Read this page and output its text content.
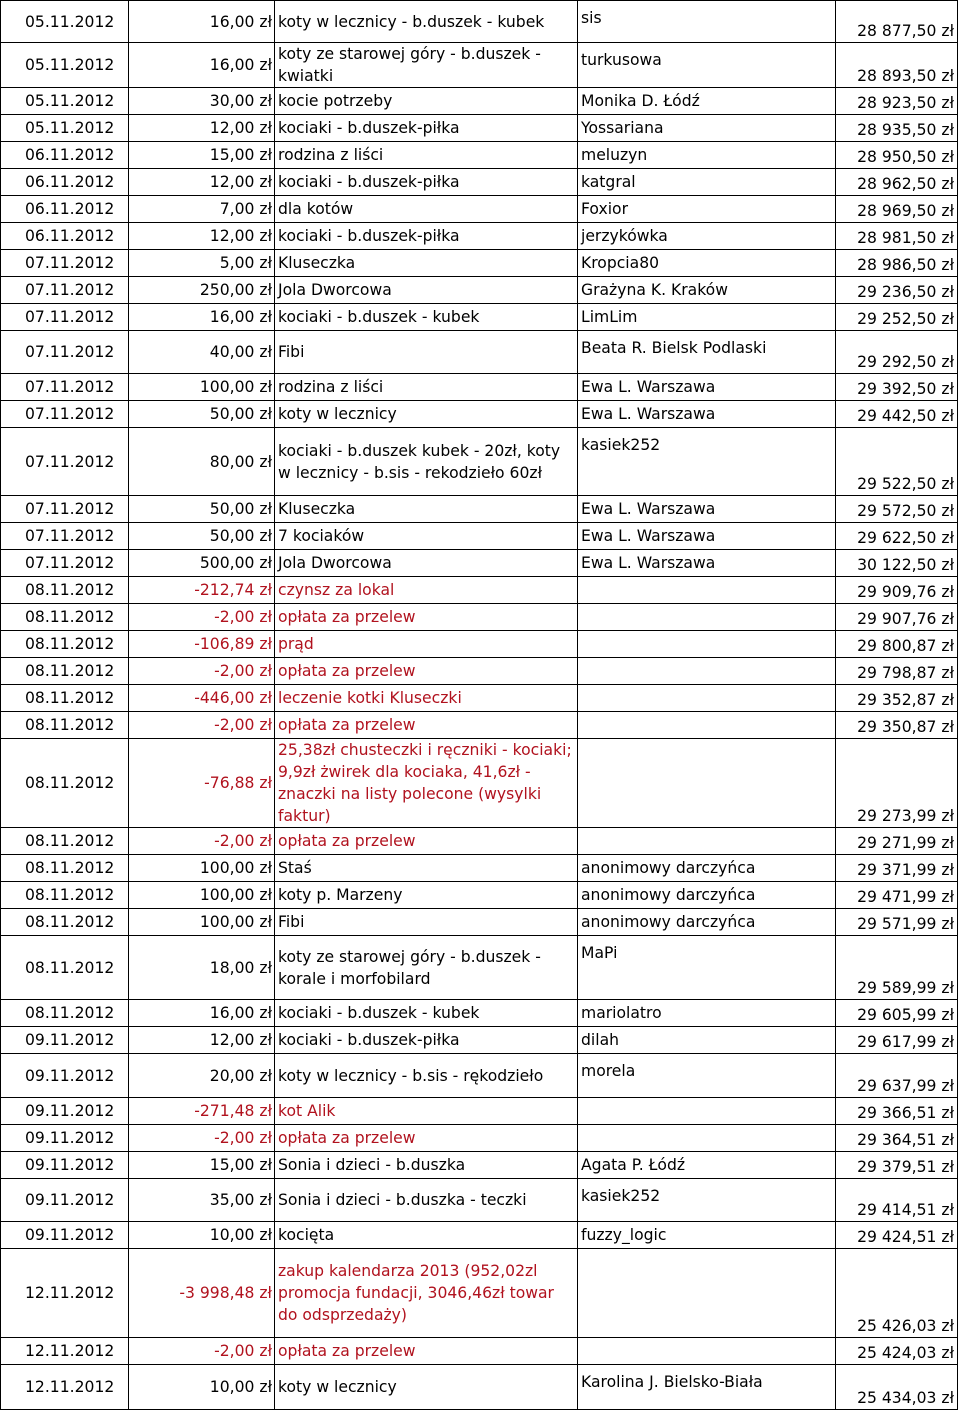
05.11.2012	16,00 zł	koty w lecznicy - b.duszek - kubek	sis	28 877,50 zł
05.11.2012	16,00 zł	koty ze starowej góry - b.duszek - kwiatki	turkusowa	28 893,50 zł
05.11.2012	30,00 zł	kocie potrzeby	Monika D. Łódź	28 923,50 zł
05.11.2012	12,00 zł	kociaki - b.duszek-piłka	Yossariana	28 935,50 zł
06.11.2012	15,00 zł	rodzina z liści	meluzyn	28 950,50 zł
06.11.2012	12,00 zł	kociaki - b.duszek-piłka	katgral	28 962,50 zł
06.11.2012	7,00 zł	dla kotów	Foxior	28 969,50 zł
06.11.2012	12,00 zł	kociaki - b.duszek-piłka	jerzykówka	28 981,50 zł
07.11.2012	5,00 zł	Kluseczka	Kropcia80	28 986,50 zł
07.11.2012	250,00 zł	Jola Dworcowa	Grażyna K. Kraków	29 236,50 zł
07.11.2012	16,00 zł	kociaki - b.duszek - kubek	LimLim	29 252,50 zł
07.11.2012	40,00 zł	Fibi	Beata R. Bielsk Podlaski	29 292,50 zł
07.11.2012	100,00 zł	rodzina z liści	Ewa L. Warszawa	29 392,50 zł
07.11.2012	50,00 zł	koty w lecznicy	Ewa L. Warszawa	29 442,50 zł
07.11.2012	80,00 zł	kociaki - b.duszek kubek - 20zł, koty w lecznicy - b.sis - rekodzieło 60zł	kasiek252	29 522,50 zł
07.11.2012	50,00 zł	Kluseczka	Ewa L. Warszawa	29 572,50 zł
07.11.2012	50,00 zł	7 kociaków	Ewa L. Warszawa	29 622,50 zł
07.11.2012	500,00 zł	Jola Dworcowa	Ewa L. Warszawa	30 122,50 zł
08.11.2012	-212,74 zł	czynsz za lokal		29 909,76 zł
08.11.2012	-2,00 zł	opłata za przelew		29 907,76 zł
08.11.2012	-106,89 zł	prąd		29 800,87 zł
08.11.2012	-2,00 zł	opłata za przelew		29 798,87 zł
08.11.2012	-446,00 zł	leczenie kotki Kluseczki		29 352,87 zł
08.11.2012	-2,00 zł	opłata za przelew		29 350,87 zł
08.11.2012	-76,88 zł	25,38zł chusteczki i ręczniki - kociaki; 9,9zł żwirek dla kociaka, 41,6zł - znaczki na listy polecone (wysylki faktur)		29 273,99 zł
08.11.2012	-2,00 zł	opłata za przelew		29 271,99 zł
08.11.2012	100,00 zł	Staś	anonimowy darczyńca	29 371,99 zł
08.11.2012	100,00 zł	koty p. Marzeny	anonimowy darczyńca	29 471,99 zł
08.11.2012	100,00 zł	Fibi	anonimowy darczyńca	29 571,99 zł
08.11.2012	18,00 zł	koty ze starowej góry - b.duszek - korale i morfobilard	MaPi	29 589,99 zł
08.11.2012	16,00 zł	kociaki - b.duszek - kubek	mariolatro	29 605,99 zł
09.11.2012	12,00 zł	kociaki - b.duszek-piłka	dilah	29 617,99 zł
09.11.2012	20,00 zł	koty w lecznicy - b.sis - rękodzieło	morela	29 637,99 zł
09.11.2012	-271,48 zł	kot Alik		29 366,51 zł
09.11.2012	-2,00 zł	opłata za przelew		29 364,51 zł
09.11.2012	15,00 zł	Sonia i dzieci - b.duszka	Agata P. Łódź	29 379,51 zł
09.11.2012	35,00 zł	Sonia i dzieci - b.duszka - teczki	kasiek252	29 414,51 zł
09.11.2012	10,00 zł	kocięta	fuzzy_logic	29 424,51 zł
12.11.2012	-3 998,48 zł	zakup kalendarza 2013 (952,02zl promocja fundacji, 3046,46zł towar do odsprzedaży)		25 426,03 zł
12.11.2012	-2,00 zł	opłata za przelew		25 424,03 zł
12.11.2012	10,00 zł	koty w lecznicy	Karolina J. Bielsko-Biała	25 434,03 zł
